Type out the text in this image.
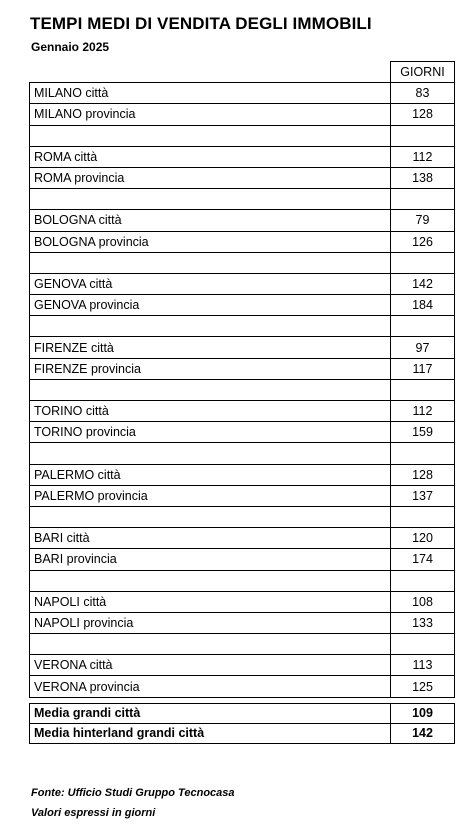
TEMPI MEDI DI VENDITA DEGLI IMMOBILI
Gennaio 2025
	GIORNI
MILANO città	83
MILANO provincia	128

ROMA città	112
ROMA provincia	138

BOLOGNA città	79
BOLOGNA provincia	126

GENOVA città	142
GENOVA provincia	184

FIRENZE città	97
FIRENZE provincia	117

TORINO città	112
TORINO provincia	159

PALERMO città	128
PALERMO provincia	137

BARI città	120
BARI provincia	174

NAPOLI città	108
NAPOLI provincia	133

VERONA città	113
VERONA provincia	125
Media grandi città	109
Media hinterland grandi città	142
Fonte: Ufficio Studi Gruppo Tecnocasa
Valori espressi in giorni
